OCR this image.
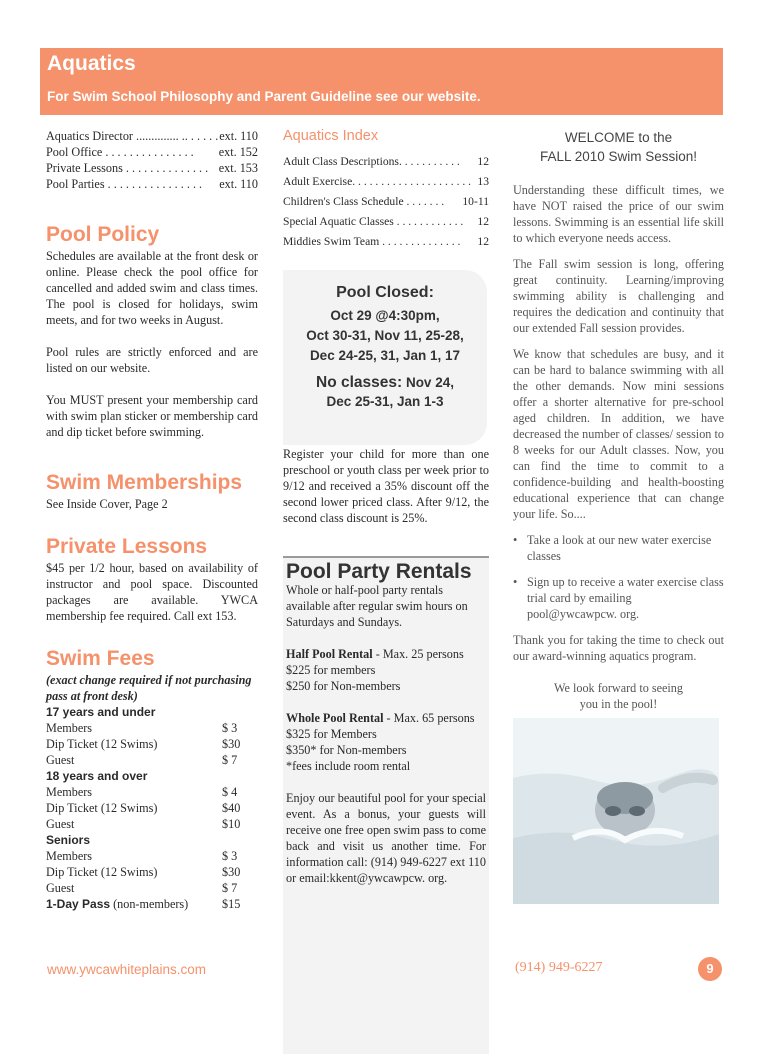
Aquatics
For Swim School Philosophy and Parent Guideline see our website.
Aquatics Director .............. .. . . . . . ext. 110
Pool Office . . . . . . . . . . . . . . . ext. 152
Private Lessons . . . . . . . . . . . . . . ext. 153
Pool Parties . . . . . . . . . . . . . . . . ext. 110
Pool Policy

Schedules are available at the front desk or online. Please check the pool office for cancelled and added swim and class times. The pool is closed for holidays, swim meets, and for two weeks in August.

Pool rules are strictly enforced and are listed on our website.

You MUST present your membership card with swim plan sticker or membership card and dip ticket before swimming.

Swim Memberships

See Inside Cover, Page 2

Private Lessons

$45 per 1/2 hour, based on availability of instructor and pool space. Discounted packages are available. YWCA membership fee required. Call ext 153.

Swim Fees
(exact change required if not purchasing pass at front desk)
17 years and under
Members	$ 3
Dip Ticket (12 Swims)	$30
Guest	$ 7
18 years and over
Members	$ 4
Dip Ticket (12 Swims)	$40
Guest	$10
Seniors
Members	$ 3
Dip Ticket (12 Swims)	$30
Guest	$ 7
1-Day Pass (non-members)	$15
Aquatics Index
Adult Class Descriptions. . . . . . . . . . . 12
Adult Exercise. . . . . . . . . . . . . . . . . . . . . 13
Children's Class Schedule . . . . . . . 10-11
Special Aquatic Classes . . . . . . . . . . . . 12
Middies Swim Team . . . . . . . . . . . . . . 12
Pool Closed:
Oct 29 @4:30pm,
Oct 30-31, Nov 11, 25-28,
Dec 24-25, 31, Jan 1, 17
No classes: Nov 24,
Dec 25-31, Jan 1-3

Register your child for more than one preschool or youth class per week prior to 9/12 and received a 35% discount off the second lower priced class. After 9/12, the second class discount is 25%.

Pool Party Rentals
Whole or half-pool party rentals available after regular swim hours on Saturdays and Sundays.
Half Pool Rental - Max. 25 persons
$225 for members
$250 for Non-members
Whole Pool Rental - Max. 65 persons
$325 for Members
$350* for Non-members
*fees include room rental

Enjoy our beautiful pool for your special event. As a bonus, your guests will receive one free open swim pass to come back and visit us another time. For information call: (914) 949-6227 ext 110 or email:kkent@ywcawpcw. org.

WELCOME to the
FALL 2010 Swim Session!

Understanding these difficult times, we have NOT raised the price of our swim lessons. Swimming is an essential life skill to which everyone needs access.

The Fall swim session is long, offering great continuity. Learning/improving swimming ability is challenging and requires the dedication and continuity that our extended Fall session provides.

We know that schedules are busy, and it can be hard to balance swimming with all the other demands. Now mini sessions offer a shorter alternative for pre-school aged children. In addition, we have decreased the number of classes/ session to 8 weeks for our Adult classes. Now, you can find the time to commit to a confidence-building and health-boosting educational experience that can change your life. So....

• Take a look at our new water exercise classes
• Sign up to receive a water exercise class trial card by emailing pool@ywcawpcw. org.

Thank you for taking the time to check out our award-winning aquatics program.

We look forward to seeing
you in the pool!
www.ywcawhiteplains.com	(914) 949-6227	9
